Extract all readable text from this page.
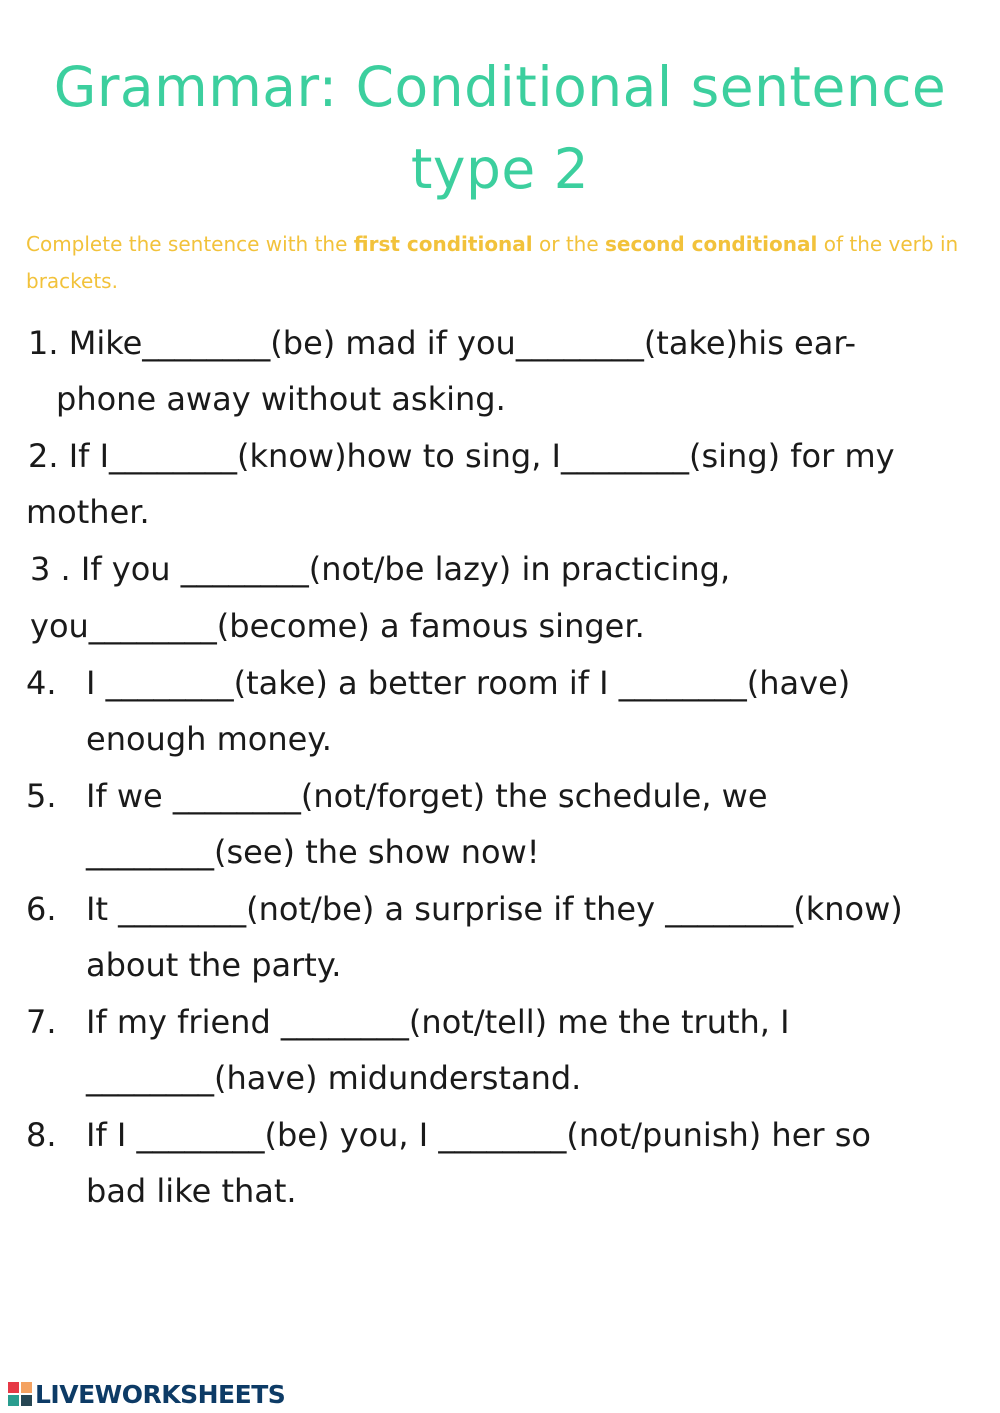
Grammar: Conditional sentence
type 2
Complete the sentence with the first conditional or the second conditional of the verb in
brackets.
1. Mike________(be) mad if you________(take)his ear-
phone away without asking.
2. If I________(know)how to sing, I________(sing) for my
mother.
3 . If you ________(not/be lazy) in practicing,
you________(become) a famous singer.
4. I ________(take) a better room if I ________(have)
enough money.
5. If we ________(not/forget) the schedule, we
________(see) the show now!
6. It ________(not/be) a surprise if they ________(know)
about the party.
7. If my friend ________(not/tell) me the truth, I
________(have) midunderstand.
8. If I ________(be) you, I ________(not/punish) her so
bad like that.
LIVEWORKSHEETS
